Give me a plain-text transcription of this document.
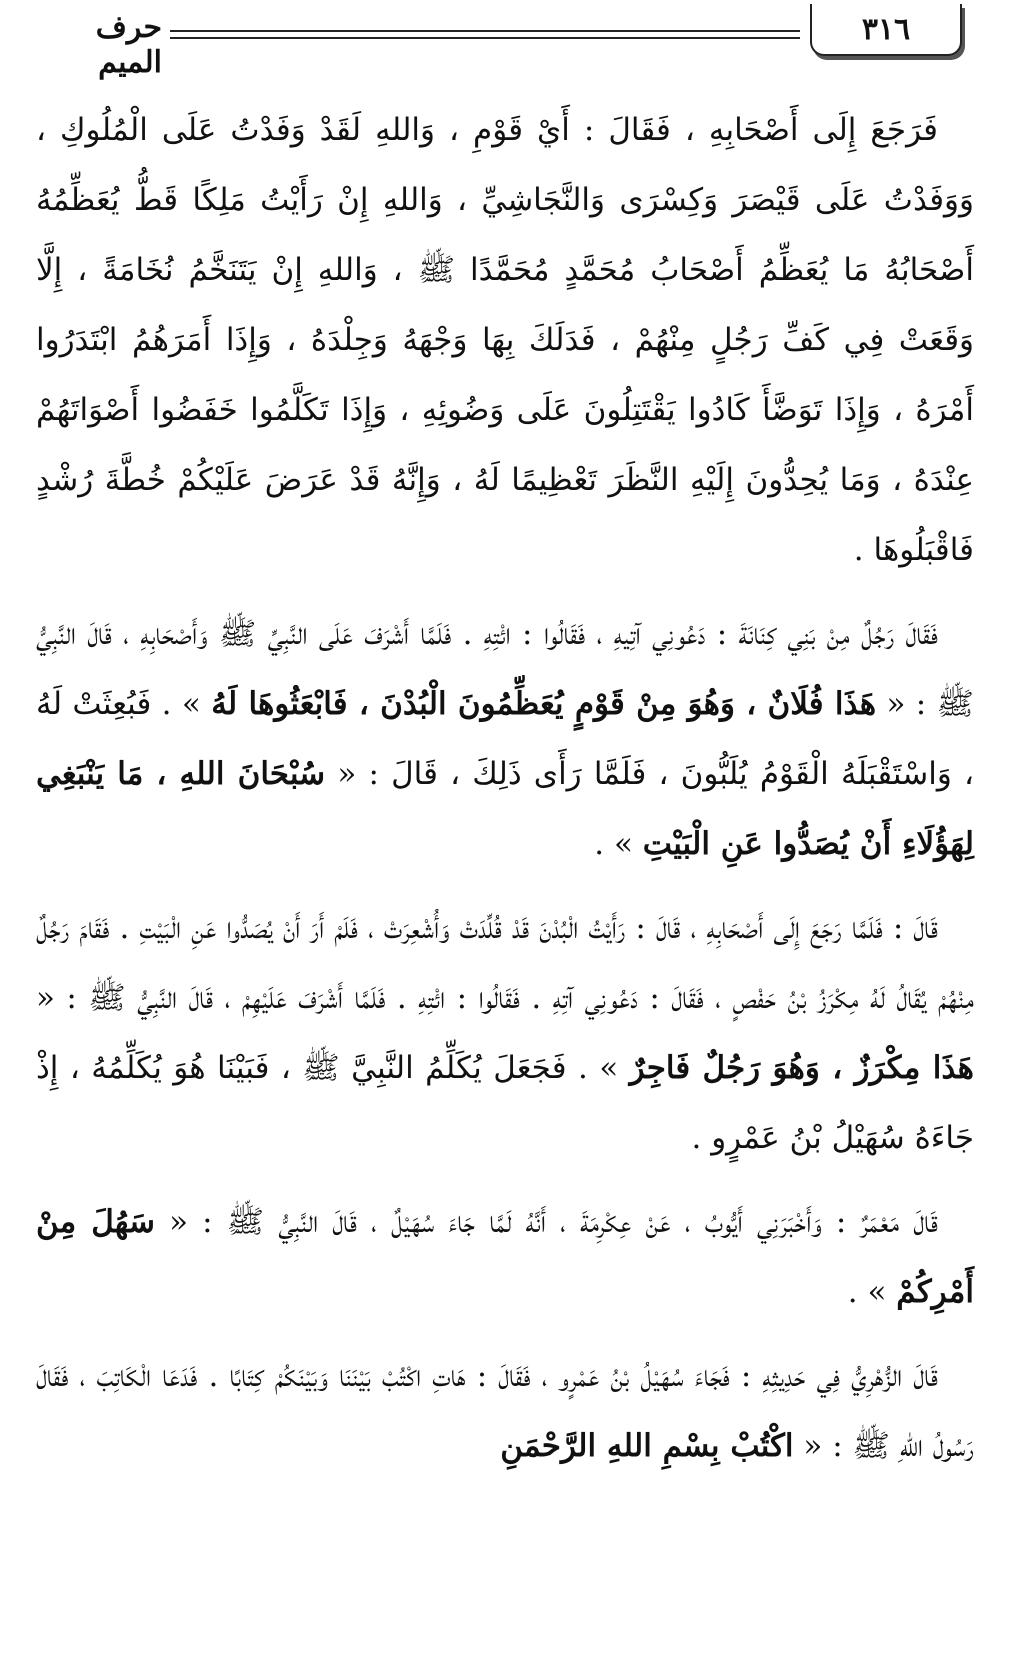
٣١٦
حرف الميم

فَرَجَعَ إِلَى أَصْحَابِهِ ، فَقَالَ : أَيْ قَوْمِ ، وَاللهِ لَقَدْ وَفَدْتُ عَلَى الْمُلُوكِ ، وَوَفَدْتُ عَلَى قَيْصَرَ وَكِسْرَى وَالنَّجَاشِيِّ ، وَاللهِ إِنْ رَأَيْتُ مَلِكًا قَطُّ يُعَظِّمُهُ أَصْحَابُهُ مَا يُعَظِّمُ أَصْحَابُ مُحَمَّدٍ مُحَمَّدًا ﷺ ، وَاللهِ إِنْ يَتَنَخَّمُ نُخَامَةً ، إِلَّا وَقَعَتْ فِي كَفِّ رَجُلٍ مِنْهُمْ ، فَدَلَكَ بِهَا وَجْهَهُ وَجِلْدَهُ ، وَإِذَا أَمَرَهُمُ ابْتَدَرُوا أَمْرَهُ ، وَإِذَا تَوَضَّأَ كَادُوا يَقْتَتِلُونَ عَلَى وَضُوئِهِ ، وَإِذَا تَكَلَّمُوا خَفَضُوا أَصْوَاتَهُمْ عِنْدَهُ ، وَمَا يُحِدُّونَ إِلَيْهِ النَّظَرَ تَعْظِيمًا لَهُ ، وَإِنَّهُ قَدْ عَرَضَ عَلَيْكُمْ خُطَّةَ رُشْدٍ فَاقْبَلُوهَا .

فَقَالَ رَجُلٌ مِنْ بَنِي كِنَانَةَ : دَعُونِي آتِيهِ ، فَقَالُوا : ائْتِهِ . فَلَمَّا أَشْرَفَ عَلَى النَّبِيِّ ﷺ وَأَصْحَابِهِ ، قَالَ النَّبِيُّ ﷺ : « هَذَا فُلَانٌ ، وَهُوَ مِنْ قَوْمٍ يُعَظِّمُونَ الْبُدْنَ ، فَابْعَثُوهَا لَهُ » . فَبُعِثَتْ لَهُ ، وَاسْتَقْبَلَهُ الْقَوْمُ يُلَبُّونَ ، فَلَمَّا رَأَى ذَلِكَ ، قَالَ : « سُبْحَانَ اللهِ ، مَا يَنْبَغِي لِهَؤُلَاءِ أَنْ يُصَدُّوا عَنِ الْبَيْتِ » .

قَالَ : فَلَمَّا رَجَعَ إِلَى أَصْحَابِهِ ، قَالَ : رَأَيْتُ الْبُدْنَ قَدْ قُلِّدَتْ وَأُشْعِرَتْ ، فَلَمْ أَرَ أَنْ يُصَدُّوا عَنِ الْبَيْتِ . فَقَامَ رَجُلٌ مِنْهُمْ يُقَالُ لَهُ مِكْرَزُ بْنُ حَفْصٍ ، فَقَالَ : دَعُونِي آتِهِ . فَقَالُوا : ائْتِهِ . فَلَمَّا أَشْرَفَ عَلَيْهِمْ ، قَالَ النَّبِيُّ ﷺ : « هَذَا مِكْرَزٌ ، وَهُوَ رَجُلٌ فَاجِرٌ » . فَجَعَلَ يُكَلِّمُ النَّبِيَّ ﷺ ، فَبَيْنَا هُوَ يُكَلِّمُهُ ، إِذْ جَاءَهُ سُهَيْلُ بْنُ عَمْرٍو .

قَالَ مَعْمَرٌ : وَأَخْبَرَنِي أَيُّوبُ ، عَنْ عِكْرِمَةَ ، أَنَّهُ لَمَّا جَاءَ سُهَيْلٌ ، قَالَ النَّبِيُّ ﷺ : « سَهُلَ مِنْ أَمْرِكُمْ » .

قَالَ الزُّهْرِيُّ فِي حَدِيثِهِ : فَجَاءَ سُهَيْلُ بْنُ عَمْرٍو ، فَقَالَ : هَاتِ اكْتُبْ بَيْنَنَا وَبَيْنَكُمْ كِتَابًا . فَدَعَا الْكَاتِبَ ، فَقَالَ رَسُولُ اللهِ ﷺ : « اكْتُبْ بِسْمِ اللهِ الرَّحْمَنِ
